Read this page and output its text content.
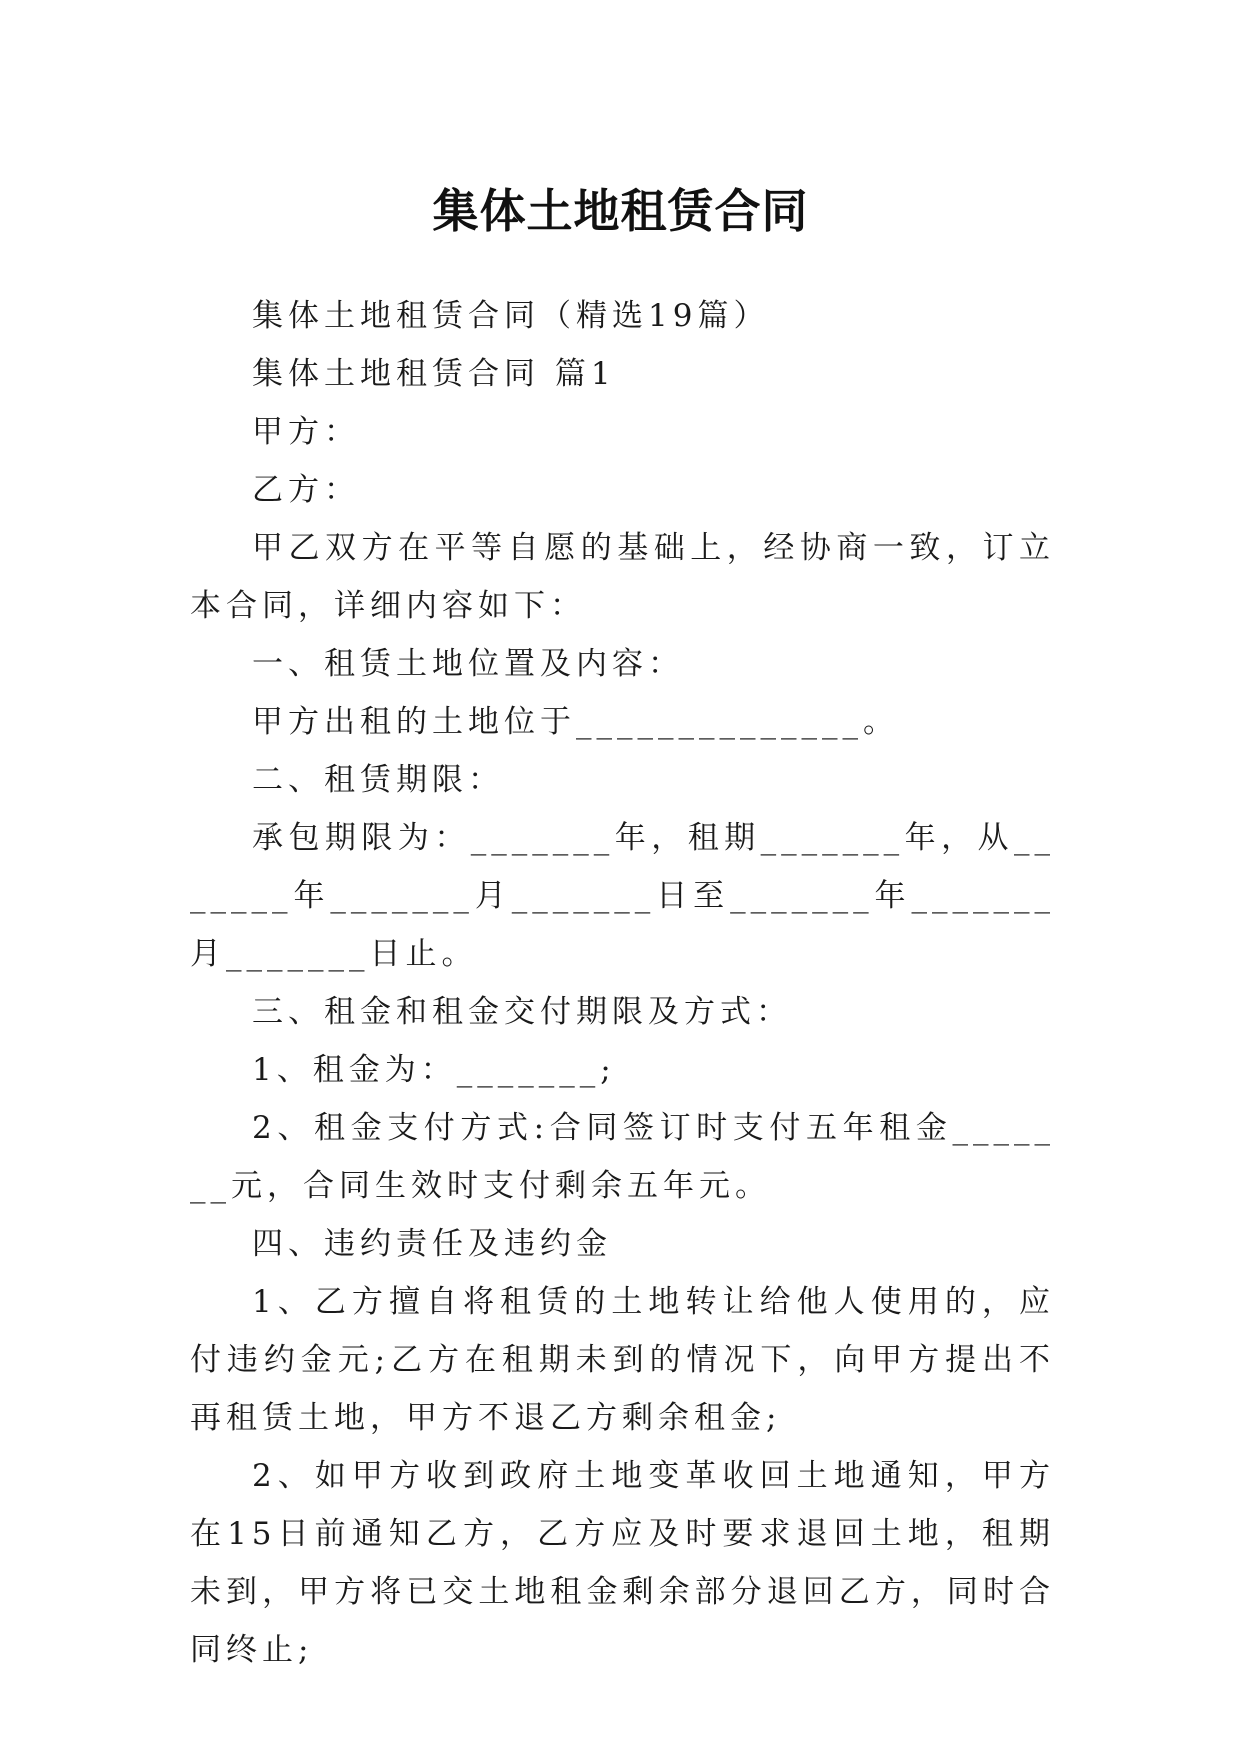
集体土地租赁合同

集体土地租赁合同（精选19篇）

集体土地租赁合同 篇1

甲方：

乙方：

甲乙双方在平等自愿的基础上，经协商一致，订立本合同，详细内容如下：

一、租赁土地位置及内容：

甲方出租的土地位于______________。

二、租赁期限：

承包期限为：_______年，租期_______年，从_______年_______月_______日至_______年_______月_______日止。

三、租金和租金交付期限及方式：

1、租金为：_______;

2、租金支付方式:合同签订时支付五年租金_______元，合同生效时支付剩余五年元。

四、违约责任及违约金

1、乙方擅自将租赁的土地转让给他人使用的，应付违约金元;乙方在租期未到的情况下，向甲方提出不再租赁土地，甲方不退乙方剩余租金;

2、如甲方收到政府土地变革收回土地通知，甲方在15日前通知乙方，乙方应及时要求退回土地，租期未到，甲方将已交土地租金剩余部分退回乙方，同时合同终止;
